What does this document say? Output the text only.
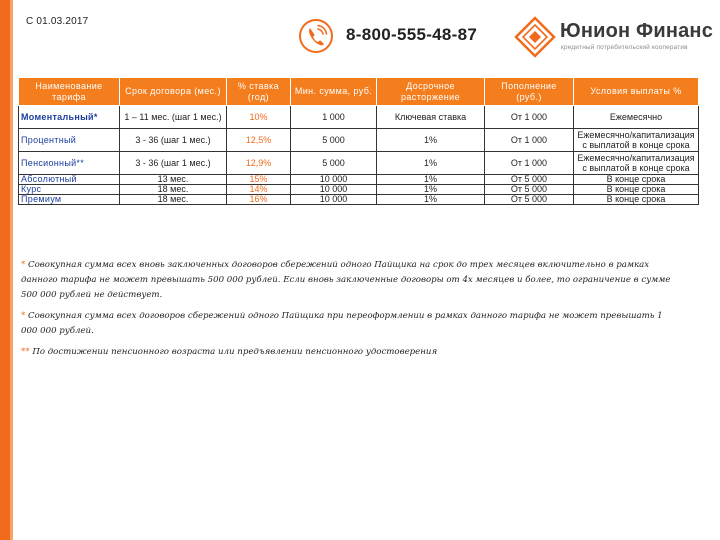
С 01.03.2017
8-800-555-48-87	Юнион Финанс
кредитный потребительский кооператив
Наименование тарифа	Срок договора (мес.)	% ставка (год)	Мин. сумма, руб.	Досрочное расторжение	Пополнение (руб.)	Условия выплаты %
Моментальный*	1 – 11 мес. (шаг 1 мес.)	10%	1 000	Ключевая ставка	От 1 000	Ежемесячно
Процентный	3 - 36 (шаг 1 мес.)	12,5%	5 000	1%	От 1 000	Ежемесячно/капитализация с выплатой в конце срока
Пенсионный**	3 - 36 (шаг 1 мес.)	12,9%	5 000	1%	От 1 000	Ежемесячно/капитализация с выплатой в конце срока
Абсолютный	13 мес.	15%	10 000	1%	От 5 000	В конце срока
Курс	18 мес.	14%	10 000	1%	От 5 000	В конце срока
Премиум	18 мес.	16%	10 000	1%	От 5 000	В конце срока

* Совокупная сумма всех вновь заключенных договоров сбережений одного Пайщика на срок до трех месяцев включительно в рамках данного тарифа не может превышать 500 000 рублей. Если вновь заключенные договоры от 4х месяцев и более, то ограничение в сумме 500 000 рублей не действует.

* Совокупная сумма всех договоров сбережений одного Пайщика при переоформлении в рамках данного тарифа не может превышать 1 000 000 рублей.

** По достижении пенсионного возраста или предъявлении пенсионного удостоверения
